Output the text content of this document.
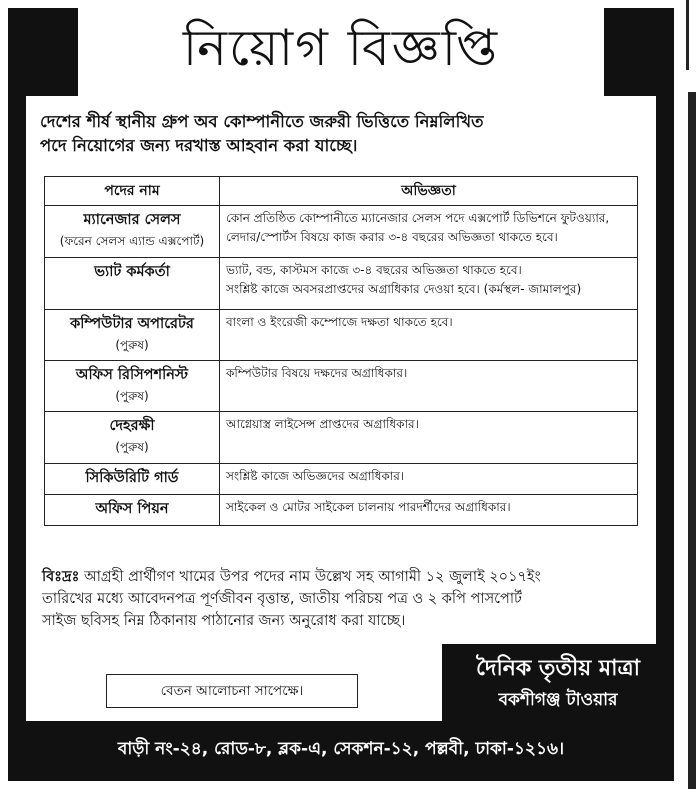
নিয়োগ বিজ্ঞপ্তি
দেশের শীর্ষ স্থানীয় গ্রুপ অব কোম্পানীতে জরুরী ভিত্তিতে নিম্নলিখিত
পদে নিয়োগের জন্য দরখাস্ত আহবান করা যাচ্ছে।
পদের নাম	অভিজ্ঞতা

ম্যানেজার সেলস
(ফরেন সেলস এ্যান্ড এক্সপোর্ট)	কোন প্রতিষ্ঠিত কোম্পানীতে ম্যানেজার সেলস পদে এক্সপোর্ট ডিভিশনে ফুটওয়্যার,
লেদার/স্পোর্টস বিষয়ে কাজ করার ৩-৪ বছরের অভিজ্ঞতা থাকতে হবে।

ভ্যাট কর্মকর্তা	ভ্যাট, বন্ড, কাস্টমস কাজে ৩-৪ বছরের অভিজ্ঞতা থাকতে হবে।
সংশ্লিষ্ট কাজে অবসরপ্রাপ্তদের অগ্রাধিকার দেওয়া হবে। (কর্মস্থল- জামালপুর)

কম্পিউটার অপারেটর
(পুরুষ)	বাংলা ও ইংরেজী কম্পোজে দক্ষতা থাকতে হবে।

অফিস রিসিপশনিস্ট
(পুরুষ)	কম্পিউটার বিষয়ে দক্ষদের অগ্রাধিকার।

দেহরক্ষী
(পুরুষ)	আগ্নেয়াস্ত্র লাইসেন্স প্রাপ্তদের অগ্রাধিকার।

সিকিউরিটি গার্ড	সংশ্লিষ্ট কাজে অভিজ্ঞদের অগ্রাধিকার।

অফিস পিয়ন	সাইকেল ও মোটর সাইকেল চালনায় পারদর্শীদের অগ্রাধিকার।
বিঃদ্রঃ আগ্রহী প্রার্থীগণ খামের উপর পদের নাম উল্লেখ সহ আগামী ১২ জুলাই ২০১৭ইং
তারিখের মধ্যে আবেদনপত্র পূর্ণজীবন বৃত্তান্ত, জাতীয় পরিচয় পত্র ও ২ কপি পাসপোর্ট
সাইজ ছবিসহ নিম্ন ঠিকানায় পাঠানোর জন্য অনুরোধ করা যাচ্ছে।
বেতন আলোচনা সাপেক্ষে।
দৈনিক তৃতীয় মাত্রা
বকশীগঞ্জ টাওয়ার
বাড়ী নং-২৪, রোড-৮, ব্লক-এ, সেকশন-১২, পল্লবী, ঢাকা-১২১৬।
